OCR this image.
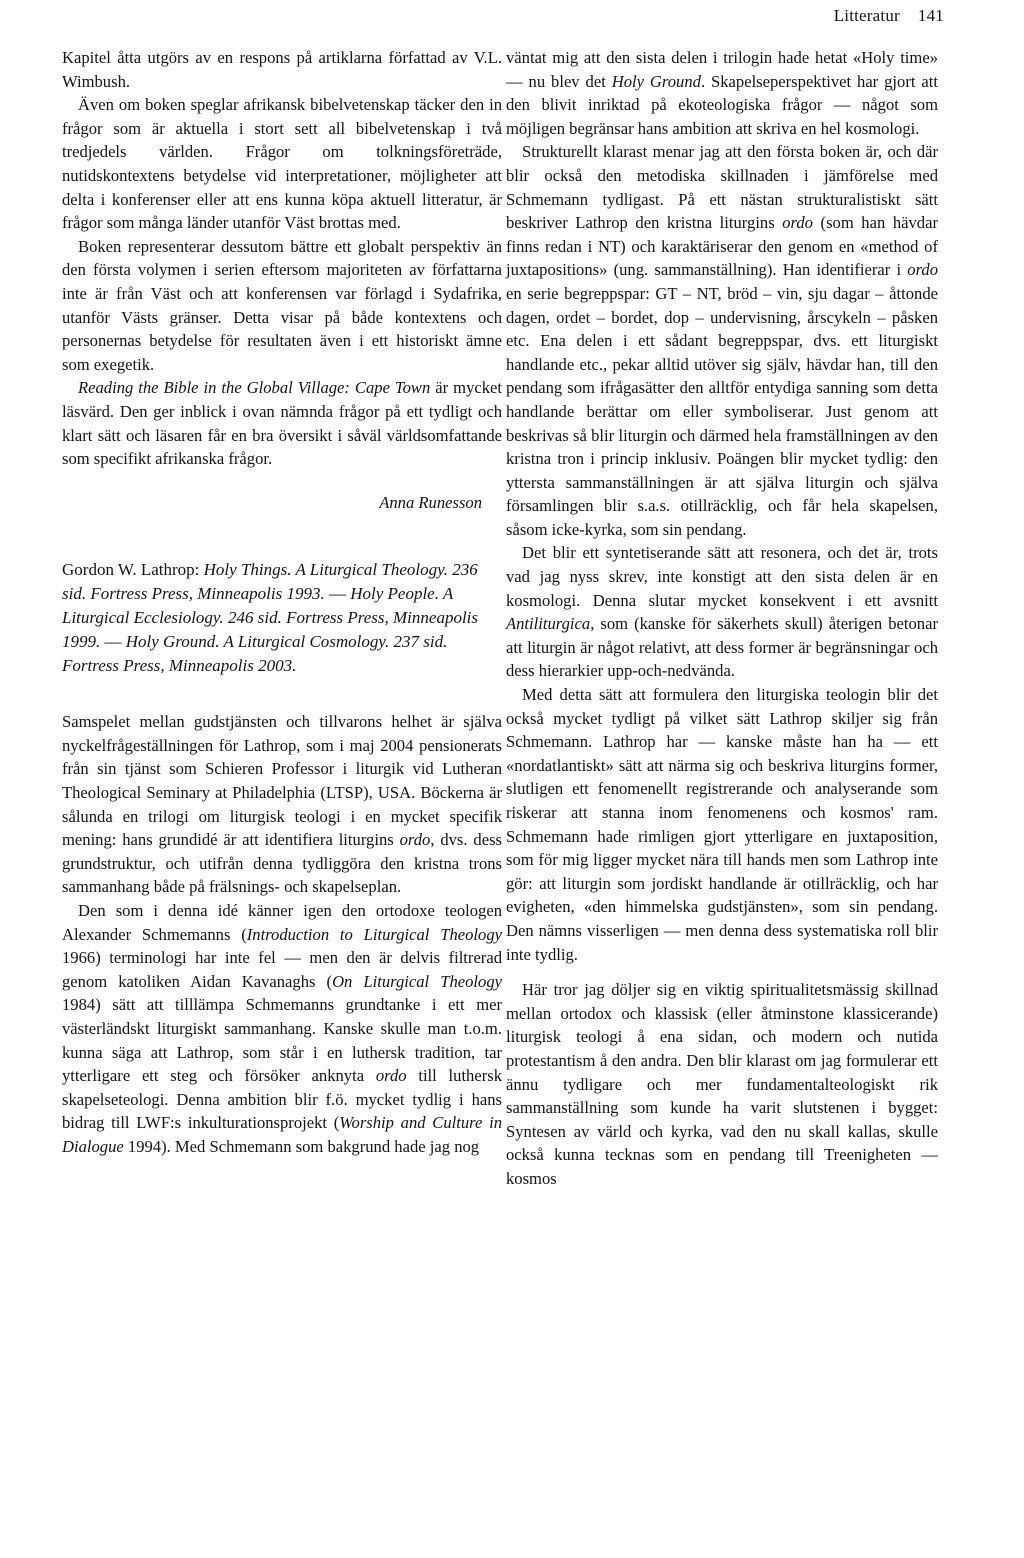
Litteratur 141

Kapitel åtta utgörs av en respons på artiklarna författad av V.L. Wimbush.

Även om boken speglar afrikansk bibelvetenskap täcker den in frågor som är aktuella i stort sett all bibelvetenskap i två tredjedels världen. Frågor om tolkningsföreträde, nutidskontextens betydelse vid interpretationer, möjligheter att delta i konferenser eller att ens kunna köpa aktuell litteratur, är frågor som många länder utanför Väst brottas med.

Boken representerar dessutom bättre ett globalt perspektiv än den första volymen i serien eftersom majoriteten av författarna inte är från Väst och att konferensen var förlagd i Sydafrika, utanför Västs gränser. Detta visar på både kontextens och personernas betydelse för resultaten även i ett historiskt ämne som exegetik.

Reading the Bible in the Global Village: Cape Town är mycket läsvärd. Den ger inblick i ovan nämnda frågor på ett tydligt och klart sätt och läsaren får en bra översikt i såväl världsomfattande som specifikt afrikanska frågor.

Anna Runesson

Gordon W. Lathrop: Holy Things. A Liturgical Theology. 236 sid. Fortress Press, Minneapolis 1993. — Holy People. A Liturgical Ecclesiology. 246 sid. Fortress Press, Minneapolis 1999. — Holy Ground. A Liturgical Cosmology. 237 sid. Fortress Press, Minneapolis 2003.

Samspelet mellan gudstjänsten och tillvarons helhet är själva nyckelfrågeställningen för Lathrop, som i maj 2004 pensionerats från sin tjänst som Schieren Professor i liturgik vid Lutheran Theological Seminary at Philadelphia (LTSP), USA. Böckerna är sålunda en trilogi om liturgisk teologi i en mycket specifik mening: hans grundidé är att identifiera liturgins ordo, dvs. dess grundstruktur, och utifrån denna tydliggöra den kristna trons sammanhang både på frälsnings- och skapelseplan.

Den som i denna idé känner igen den ortodoxe teologen Alexander Schmemanns (Introduction to Liturgical Theology 1966) terminologi har inte fel — men den är delvis filtrerad genom katoliken Aidan Kavanaghs (On Liturgical Theology 1984) sätt att tilllämpa Schmemanns grundtanke i ett mer västerländskt liturgiskt sammanhang. Kanske skulle man t.o.m. kunna säga att Lathrop, som står i en luthersk tradition, tar ytterligare ett steg och försöker anknyta ordo till luthersk skapelseteologi. Denna ambition blir f.ö. mycket tydlig i hans bidrag till LWF:s inkulturationsprojekt (Worship and Culture in Dialogue 1994). Med Schmemann som bakgrund hade jag nog

väntat mig att den sista delen i trilogin hade hetat «Holy time» — nu blev det Holy Ground. Skapelseperspektivet har gjort att den blivit inriktad på ekoteologiska frågor — något som möjligen begränsar hans ambition att skriva en hel kosmologi.

Strukturellt klarast menar jag att den första boken är, och där blir också den metodiska skillnaden i jämförelse med Schmemann tydligast. På ett nästan strukturalistiskt sätt beskriver Lathrop den kristna liturgins ordo (som han hävdar finns redan i NT) och karaktäriserar den genom en «method of juxtapositions» (ung. sammanställning). Han identifierar i ordo en serie begreppspar: GT – NT, bröd – vin, sju dagar – åttonde dagen, ordet – bordet, dop – undervisning, årscykeln – påsken etc. Ena delen i ett sådant begreppspar, dvs. ett liturgiskt handlande etc., pekar alltid utöver sig själv, hävdar han, till den pendang som ifrågasätter den alltför entydiga sanning som detta handlande berättar om eller symboliserar. Just genom att beskrivas så blir liturgin och därmed hela framställningen av den kristna tron i princip inklusiv. Poängen blir mycket tydlig: den yttersta sammanställningen är att själva liturgin och själva församlingen blir s.a.s. otillräcklig, och får hela skapelsen, såsom icke-kyrka, som sin pendang.

Det blir ett syntetiserande sätt att resonera, och det är, trots vad jag nyss skrev, inte konstigt att den sista delen är en kosmologi. Denna slutar mycket konsekvent i ett avsnitt Antiliturgica, som (kanske för säkerhets skull) återigen betonar att liturgin är något relativt, att dess former är begränsningar och dess hierarkier upp-och-nedvända.

Med detta sätt att formulera den liturgiska teologin blir det också mycket tydligt på vilket sätt Lathrop skiljer sig från Schmemann. Lathrop har — kanske måste han ha — ett «nordatlantiskt» sätt att närma sig och beskriva liturgins former, slutligen ett fenomenellt registrerande och analyserande som riskerar att stanna inom fenomenens och kosmos' ram. Schmemann hade rimligen gjort ytterligare en juxtaposition, som för mig ligger mycket nära till hands men som Lathrop inte gör: att liturgin som jordiskt handlande är otillräcklig, och har evigheten, «den himmelska gudstjänsten», som sin pendang. Den nämns visserligen — men denna dess systematiska roll blir inte tydlig.

Här tror jag döljer sig en viktig spiritualitetsmässig skillnad mellan ortodox och klassisk (eller åtminstone klassicerande) liturgisk teologi å ena sidan, och modern och nutida protestantism å den andra. Den blir klarast om jag formulerar ett ännu tydligare och mer fundamentalteologiskt rik sammanställning som kunde ha varit slutstenen i bygget: Syntesen av värld och kyrka, vad den nu skall kallas, skulle också kunna tecknas som en pendang till Treenigheten — kosmos
